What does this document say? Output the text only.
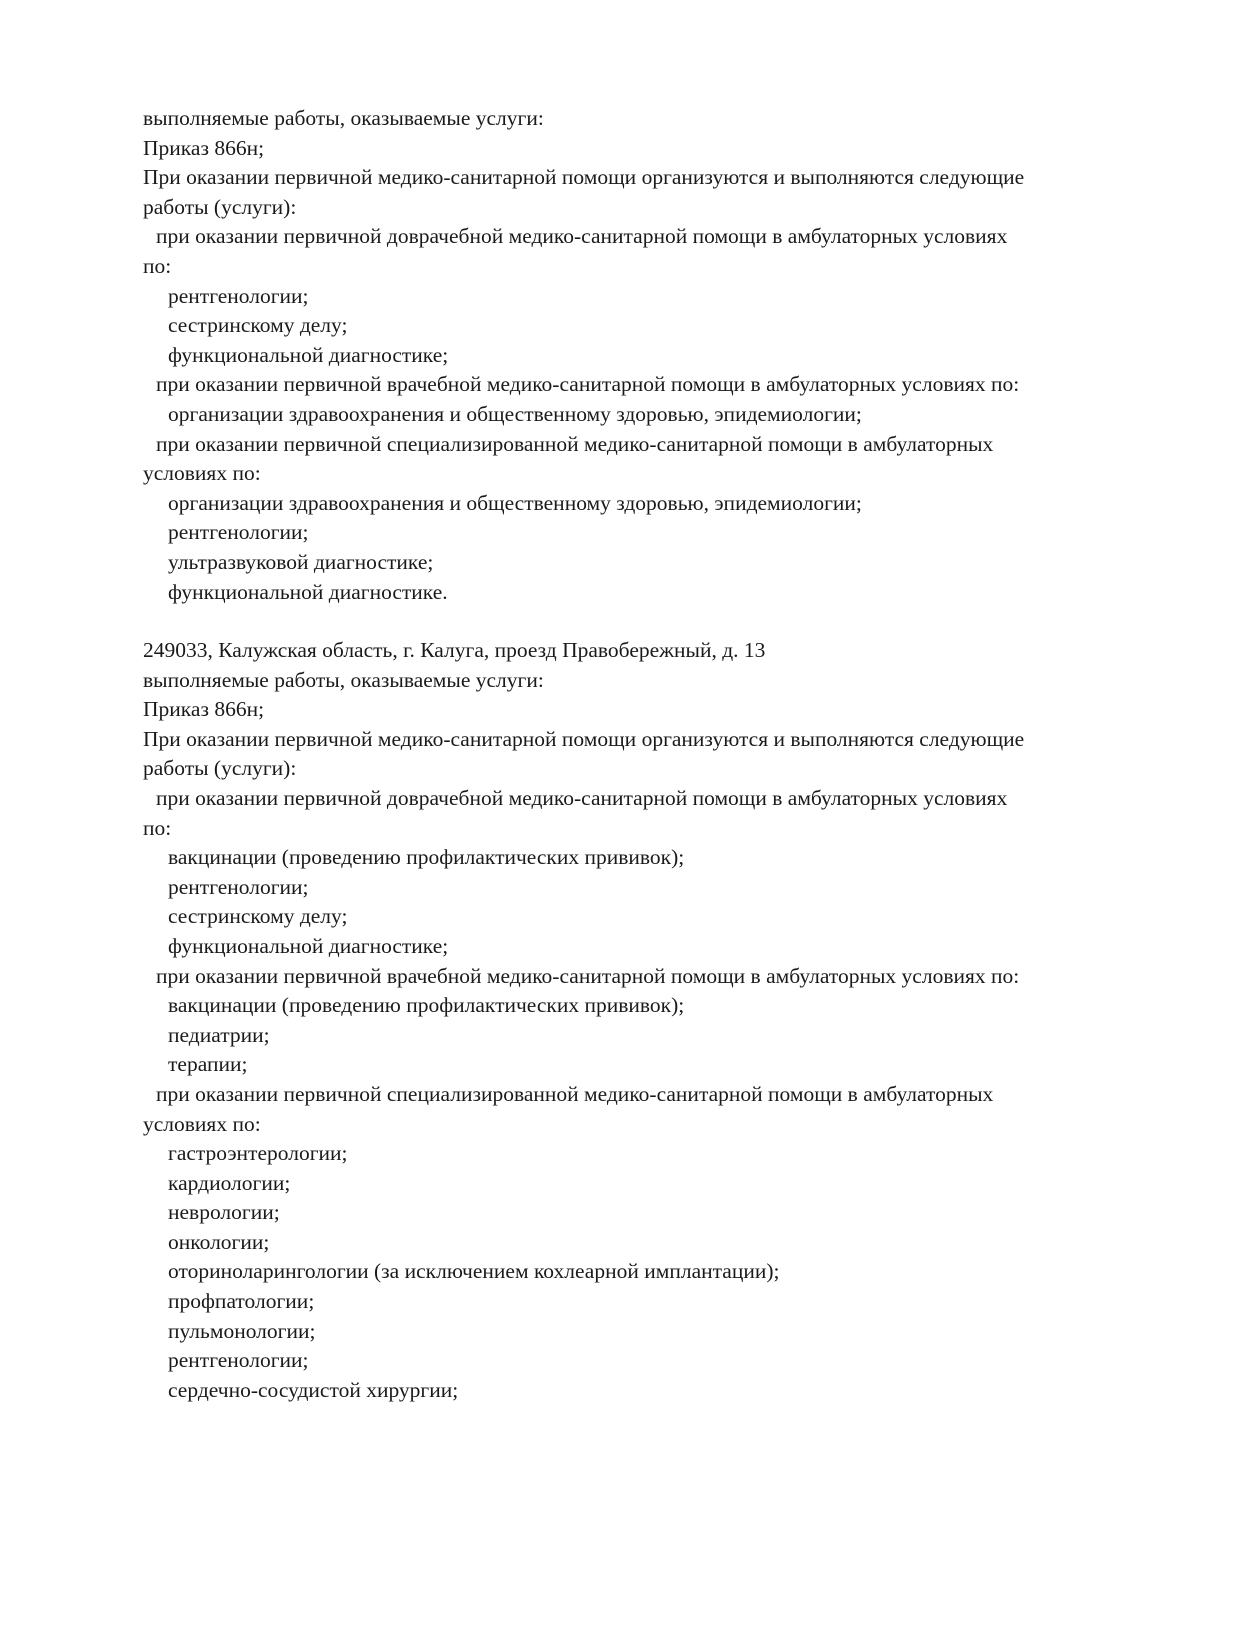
выполняемые работы, оказываемые услуги:
Приказ 866н;
При оказании первичной медико-санитарной помощи организуются и выполняются следующие
работы (услуги):
при оказании первичной доврачебной медико-санитарной помощи в амбулаторных условиях
по:
рентгенологии;
сестринскому делу;
функциональной диагностике;
при оказании первичной врачебной медико-санитарной помощи в амбулаторных условиях по:
организации здравоохранения и общественному здоровью, эпидемиологии;
при оказании первичной специализированной медико-санитарной помощи в амбулаторных
условиях по:
организации здравоохранения и общественному здоровью, эпидемиологии;
рентгенологии;
ультразвуковой диагностике;
функциональной диагностике.
249033, Калужская область, г. Калуга, проезд Правобережный, д. 13
выполняемые работы, оказываемые услуги:
Приказ 866н;
При оказании первичной медико-санитарной помощи организуются и выполняются следующие
работы (услуги):
при оказании первичной доврачебной медико-санитарной помощи в амбулаторных условиях
по:
вакцинации (проведению профилактических прививок);
рентгенологии;
сестринскому делу;
функциональной диагностике;
при оказании первичной врачебной медико-санитарной помощи в амбулаторных условиях по:
вакцинации (проведению профилактических прививок);
педиатрии;
терапии;
при оказании первичной специализированной медико-санитарной помощи в амбулаторных
условиях по:
гастроэнтерологии;
кардиологии;
неврологии;
онкологии;
оториноларингологии (за исключением кохлеарной имплантации);
профпатологии;
пульмонологии;
рентгенологии;
сердечно-сосудистой хирургии;
